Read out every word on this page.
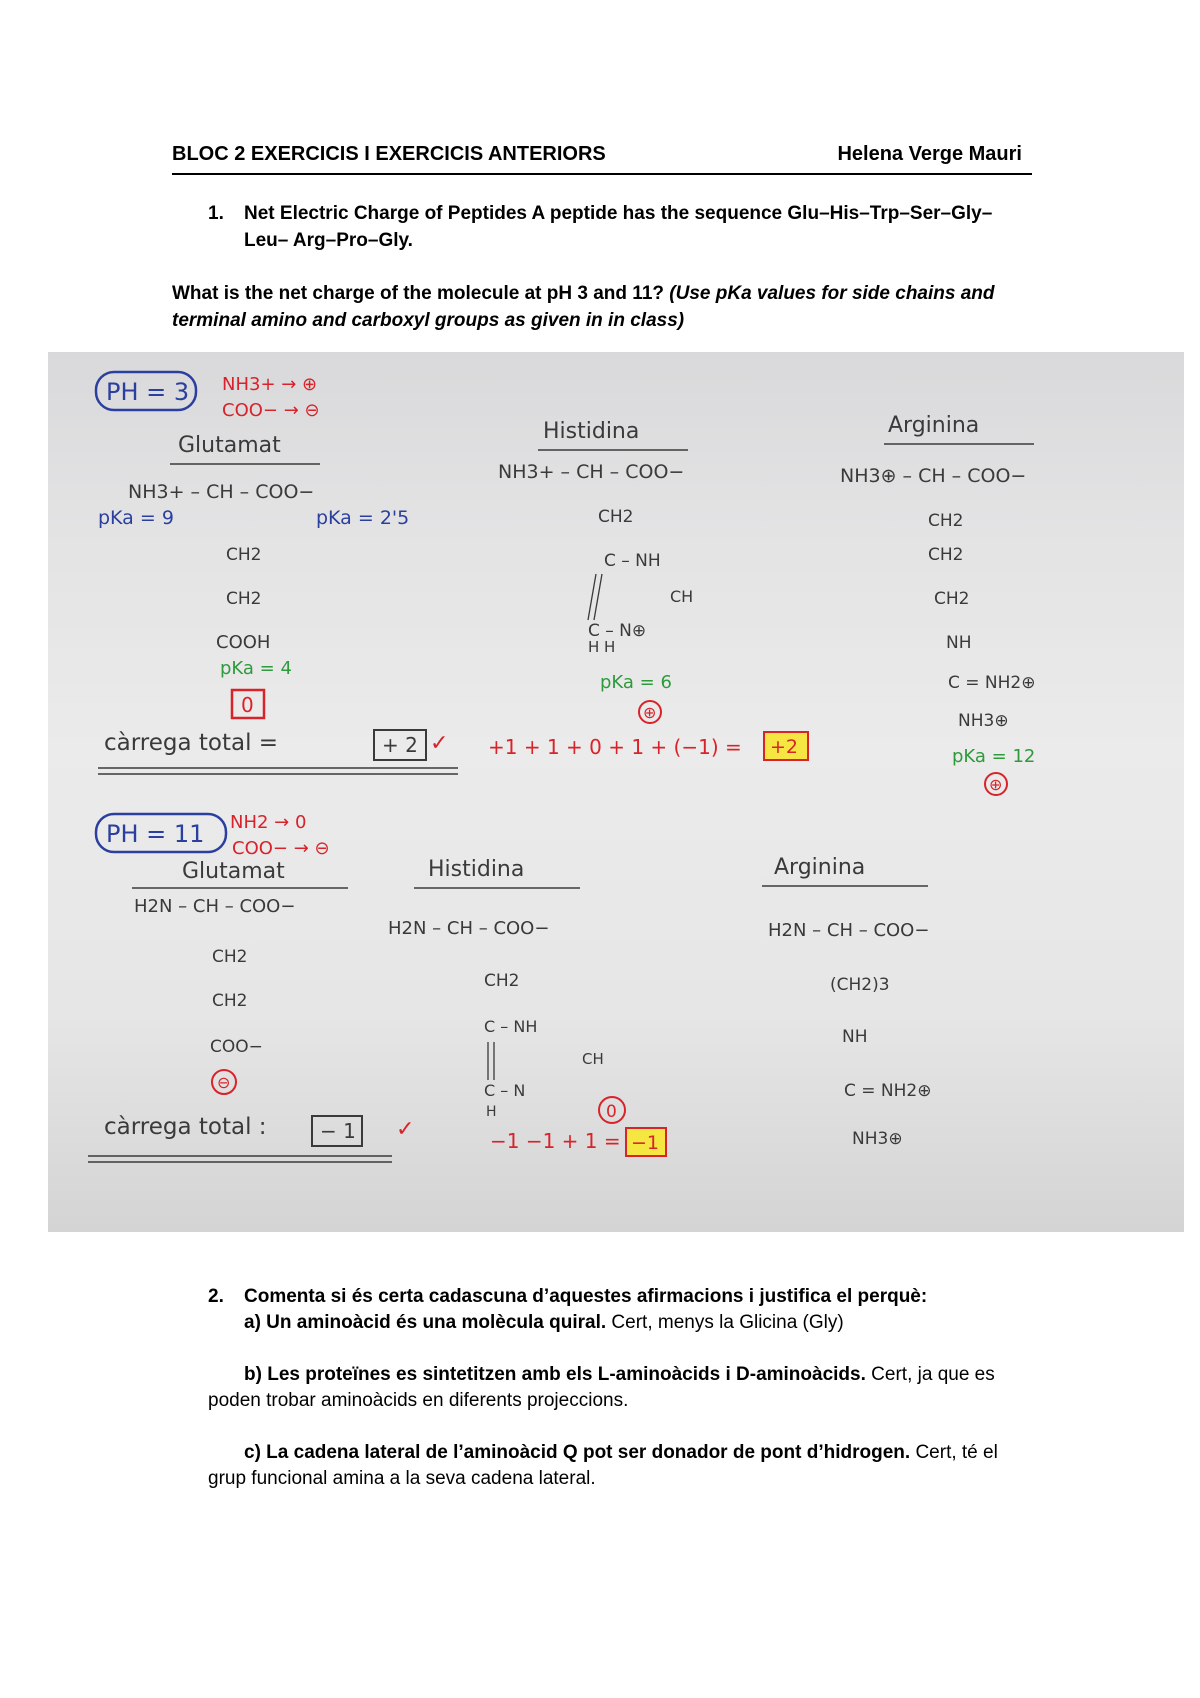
BLOC 2 EXERCICIS I EXERCICIS ANTERIORS	Helena Verge Mauri
1. Net Electric Charge of Peptides A peptide has the sequence Glu–His–Trp–Ser–Gly–Leu– Arg–Pro–Gly.
What is the net charge of the molecule at pH 3 and 11? (Use pKa values for side chains and terminal amino and carboxyl groups as given in in class)
PH = 3 NH3+ → ⊕
COO− → ⊖
Glutamat
NH3+ – CH – COO−
pKa = 9	pKa = 2'5
CH2
CH2
COOH
pKa = 4
0
Histidina
NH3+ – CH – COO−
CH2
C – NH
CH
C – N⊕
H H
pKa = 6
⊕
Arginina
NH3⊕ – CH – COO−
CH2
CH2
CH2
NH
C = NH2⊕
NH3⊕
pKa = 12
⊕
càrrega total =	+ 2 ✓ +1 + 1 + 0 + 1 + (−1) = +2
PH = 11 NH2 → 0
COO− → ⊖
Glutamat
H2N – CH – COO−
CH2
CH2
COO−
⊖
Histidina
H2N – CH – COO−
CH2
C – NH
CH
C – N
H	0
Arginina
H2N – CH – COO−
(CH2)3
NH
C = NH2⊕
NH3⊕
càrrega total :	− 1 ✓	−1 −1 + 1 = −1
2. Comenta si és certa cadascuna d’aquestes afirmacions i justifica el perquè:
a) Un aminoàcid és una molècula quiral. Cert, menys la Glicina (Gly)
b) Les proteïnes es sintetitzen amb els L-aminoàcids i D-aminoàcids. Cert, ja que es poden trobar aminoàcids en diferents projeccions.
c) La cadena lateral de l’aminoàcid Q pot ser donador de pont d’hidrogen. Cert, té el grup funcional amina a la seva cadena lateral.
